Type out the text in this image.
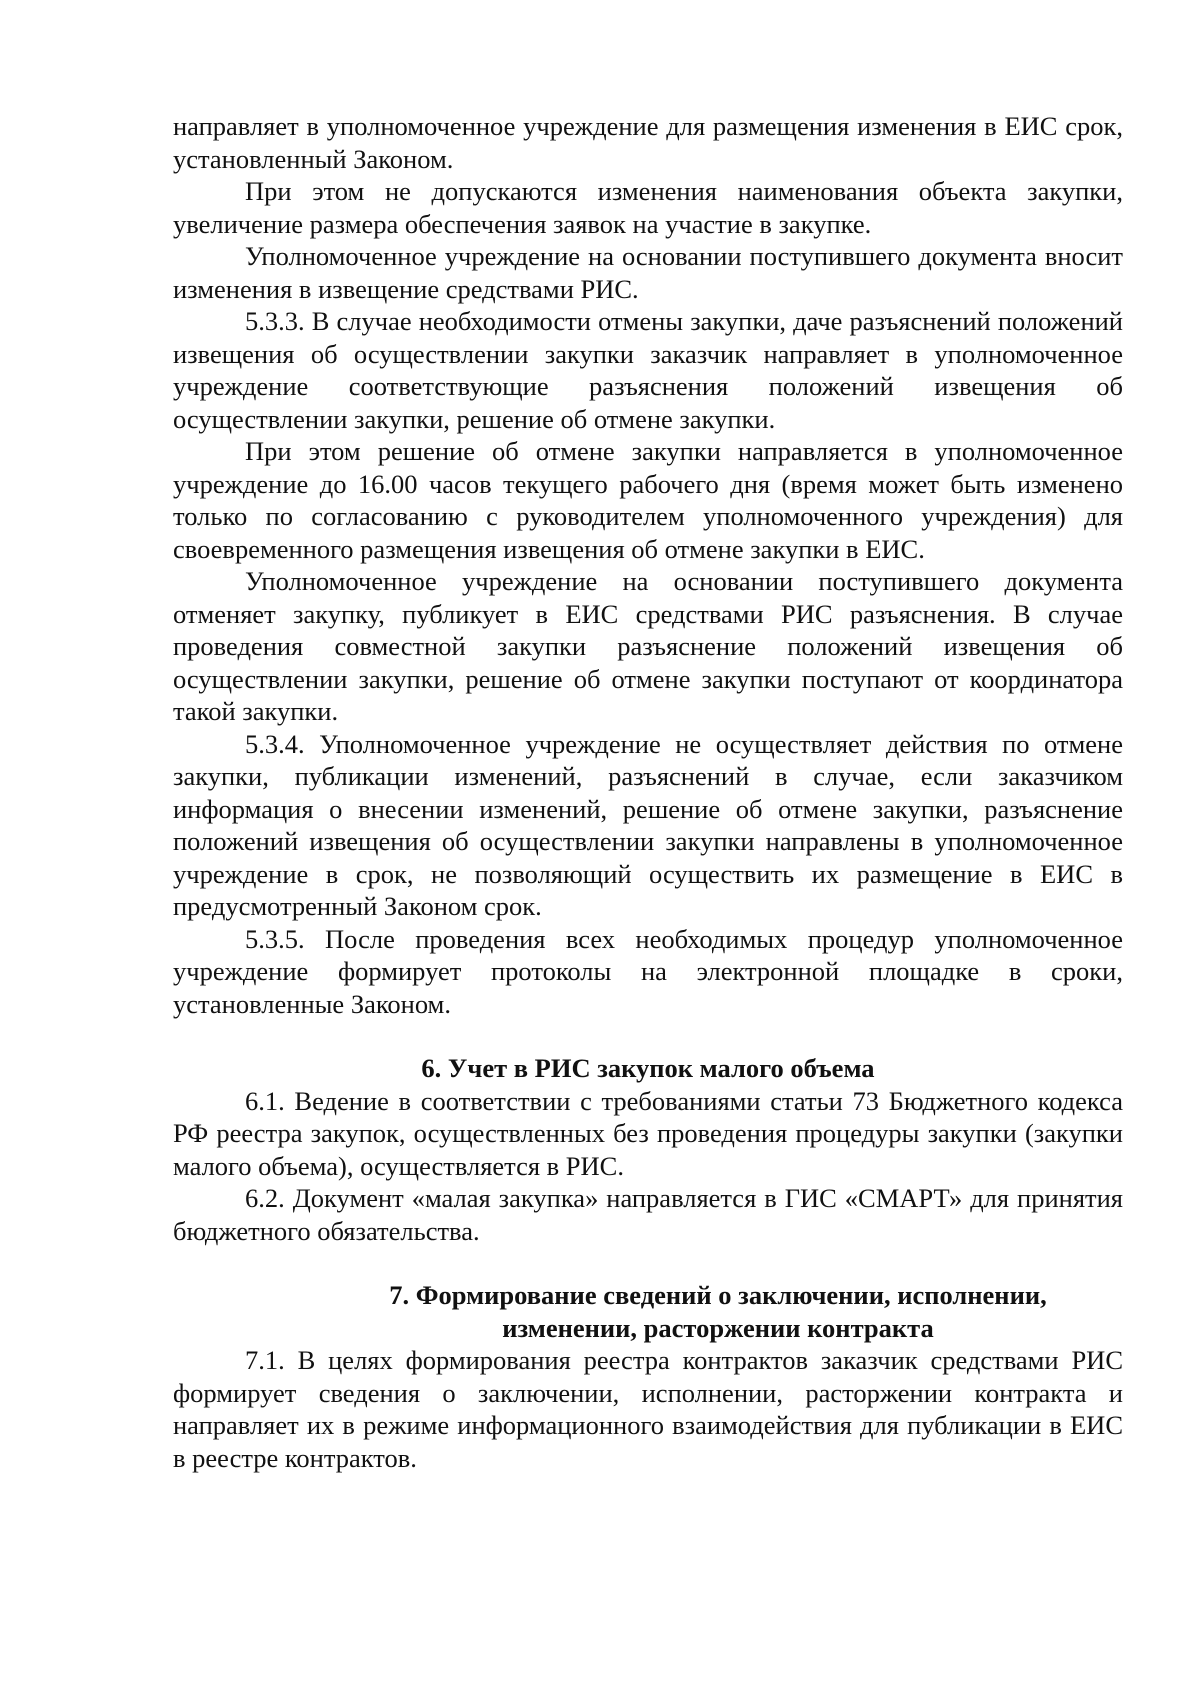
направляет в уполномоченное учреждение для размещения изменения в ЕИС срок, установленный Законом.

При этом не допускаются изменения наименования объекта закупки, увеличение размера обеспечения заявок на участие в закупке.

Уполномоченное учреждение на основании поступившего документа вносит изменения в извещение средствами РИС.

5.3.3. В случае необходимости отмены закупки, даче разъяснений положений извещения об осуществлении закупки заказчик направляет в уполномоченное учреждение соответствующие разъяснения положений извещения об осуществлении закупки, решение об отмене закупки.

При этом решение об отмене закупки направляется в уполномоченное учреждение до 16.00 часов текущего рабочего дня (время может быть изменено только по согласованию с руководителем уполномоченного учреждения) для своевременного размещения извещения об отмене закупки в ЕИС.

Уполномоченное учреждение на основании поступившего документа отменяет закупку, публикует в ЕИС средствами РИС разъяснения. В случае проведения совместной закупки разъяснение положений извещения об осуществлении закупки, решение об отмене закупки поступают от координатора такой закупки.

5.3.4. Уполномоченное учреждение не осуществляет действия по отмене закупки, публикации изменений, разъяснений в случае, если заказчиком информация о внесении изменений, решение об отмене закупки, разъяснение положений извещения об осуществлении закупки направлены в уполномоченное учреждение в срок, не позволяющий осуществить их размещение в ЕИС в предусмотренный Законом срок.

5.3.5. После проведения всех необходимых процедур уполномоченное учреждение формирует протоколы на электронной площадке в сроки, установленные Законом.

6. Учет в РИС закупок малого объема

6.1. Ведение в соответствии с требованиями статьи 73 Бюджетного кодекса РФ реестра закупок, осуществленных без проведения процедуры закупки (закупки малого объема), осуществляется в РИС.

6.2. Документ «малая закупка» направляется в ГИС «СМАРТ» для принятия бюджетного обязательства.

7. Формирование сведений о заключении, исполнении,

изменении, расторжении контракта

7.1. В целях формирования реестра контрактов заказчик средствами РИС формирует сведения о заключении, исполнении, расторжении контракта и направляет их в режиме информационного взаимодействия для публикации в ЕИС в реестре контрактов.
